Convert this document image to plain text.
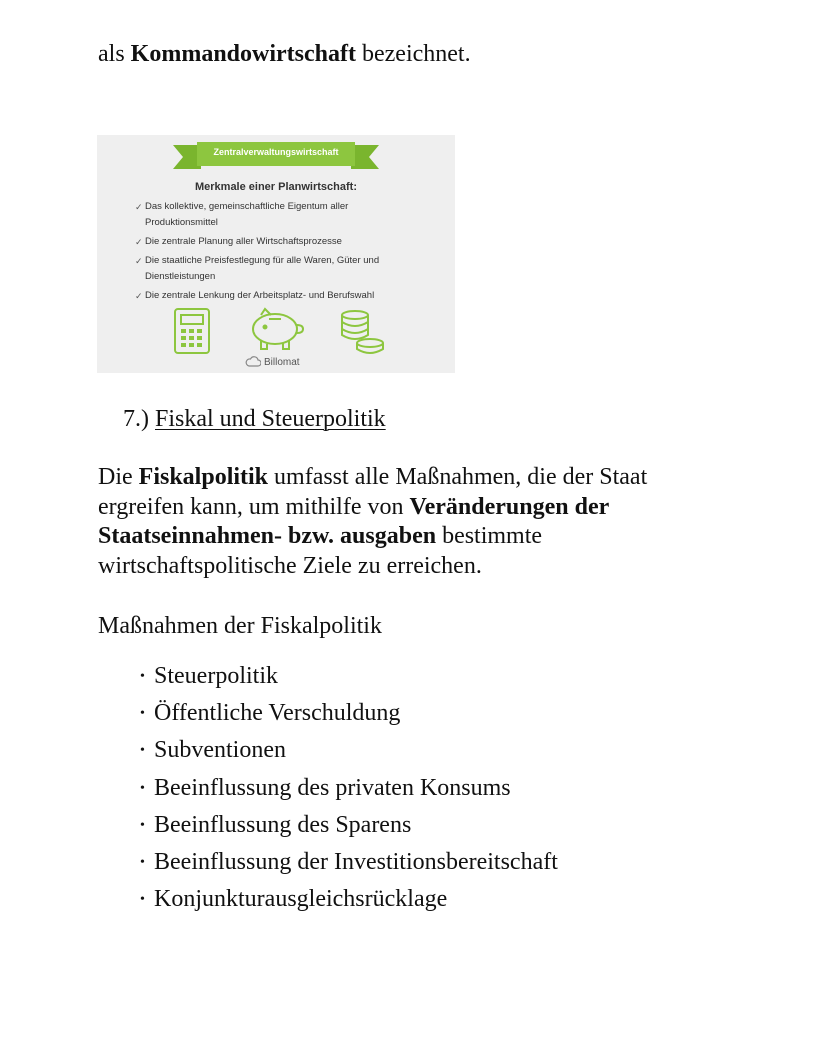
als Kommandowirtschaft bezeichnet.
Zentralverwaltungswirtschaft
Merkmale einer Planwirtschaft:
✓ Das kollektive, gemeinschaftliche Eigentum aller
Produktionsmittel
✓ Die zentrale Planung aller Wirtschaftsprozesse
✓ Die staatliche Preisfestlegung für alle Waren, Güter und
Dienstleistungen
✓ Die zentrale Lenkung der Arbeitsplatz- und Berufswahl
Billomat
7.) Fiskal und Steuerpolitik
Die Fiskalpolitik umfasst alle Maßnahmen, die der Staat ergreifen kann, um mithilfe von Veränderungen der Staatseinnahmen- bzw. ausgaben bestimmte wirtschaftspolitische Ziele zu erreichen.
Maßnahmen der Fiskalpolitik
• Steuerpolitik
• Öffentliche Verschuldung
• Subventionen
• Beeinflussung des privaten Konsums
• Beeinflussung des Sparens
• Beeinflussung der Investitionsbereitschaft
• Konjunkturausgleichsrücklage
